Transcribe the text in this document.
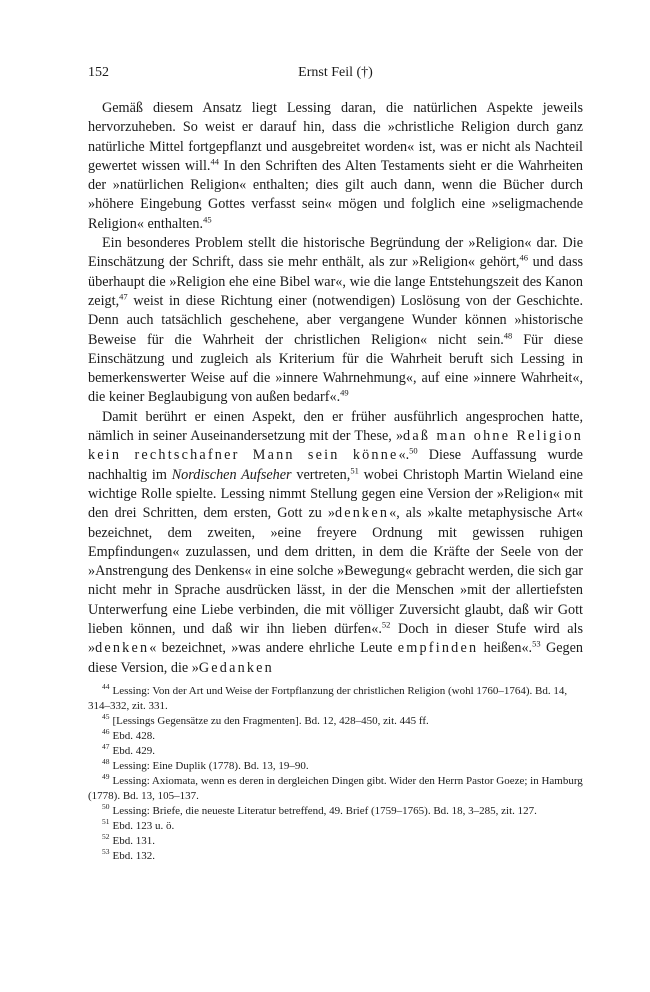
152	Ernst Feil (†)

Gemäß diesem Ansatz liegt Lessing daran, die natürlichen Aspekte jeweils hervorzuheben. So weist er darauf hin, dass die »christliche Religion durch ganz natürliche Mittel fortgepflanzt und ausgebreitet worden« ist, was er nicht als Nachteil gewertet wissen will.$^{44}$ In den Schriften des Alten Testaments sieht er die Wahrheiten der »natürlichen Religion« enthalten; dies gilt auch dann, wenn die Bücher durch »höhere Eingebung Gottes verfasst sein« mögen und folglich eine »seligmachende Religion« enthalten.$^{45}$

Ein besonderes Problem stellt die historische Begründung der »Religion« dar. Die Einschätzung der Schrift, dass sie mehr enthält, als zur »Religion« gehört,$^{46}$ und dass überhaupt die »Religion ehe eine Bibel war«, wie die lange Entstehungszeit des Kanon zeigt,$^{47}$ weist in diese Richtung einer (notwendigen) Loslösung von der Geschichte. Denn auch tatsächlich geschehene, aber vergangene Wunder können »historische Beweise für die Wahrheit der christlichen Religion« nicht sein.$^{48}$ Für diese Einschätzung und zugleich als Kriterium für die Wahrheit beruft sich Lessing in bemerkenswerter Weise auf die »innere Wahrnehmung«, auf eine »innere Wahrheit«, die keiner Beglaubigung von außen bedarf«.$^{49}$

Damit berührt er einen Aspekt, den er früher ausführlich angesprochen hatte, nämlich in seiner Auseinandersetzung mit der These, »daß man ohne Religion kein rechtschafner Mann sein könne«.$^{50}$ Diese Auffassung wurde nachhaltig im Nordischen Aufseher vertreten,$^{51}$ wobei Christoph Martin Wieland eine wichtige Rolle spielte. Lessing nimmt Stellung gegen eine Version der »Religion« mit den drei Schritten, dem ersten, Gott zu »denken«, als »kalte metaphysische Art« bezeichnet, dem zweiten, »eine freyere Ordnung mit gewissen ruhigen Empfindungen« zuzulassen, und dem dritten, in dem die Kräfte der Seele von der »Anstrengung des Denkens« in eine solche »Bewegung« gebracht werden, die sich gar nicht mehr in Sprache ausdrücken lässt, in der die Menschen »mit der allertiefsten Unterwerfung eine Liebe verbinden, die mit völliger Zuversicht glaubt, daß wir Gott lieben können, und daß wir ihn lieben dürfen«.$^{52}$ Doch in dieser Stufe wird als »denken« bezeichnet, »was andere ehrliche Leute empfinden heißen«.$^{53}$ Gegen diese Version, die »Gedanken

$^{44}$ Lessing: Von der Art und Weise der Fortpflanzung der christlichen Religion (wohl 1760–1764). Bd. 14, 314–332, zit. 331.
$^{45}$ [Lessings Gegensätze zu den Fragmenten]. Bd. 12, 428–450, zit. 445 ff.
$^{46}$ Ebd. 428.
$^{47}$ Ebd. 429.
$^{48}$ Lessing: Eine Duplik (1778). Bd. 13, 19–90.
$^{49}$ Lessing: Axiomata, wenn es deren in dergleichen Dingen gibt. Wider den Herrn Pastor Goeze; in Hamburg (1778). Bd. 13, 105–137.
$^{50}$ Lessing: Briefe, die neueste Literatur betreffend, 49. Brief (1759–1765). Bd. 18, 3–285, zit. 127.
$^{51}$ Ebd. 123 u. ö.
$^{52}$ Ebd. 131.
$^{53}$ Ebd. 132.
